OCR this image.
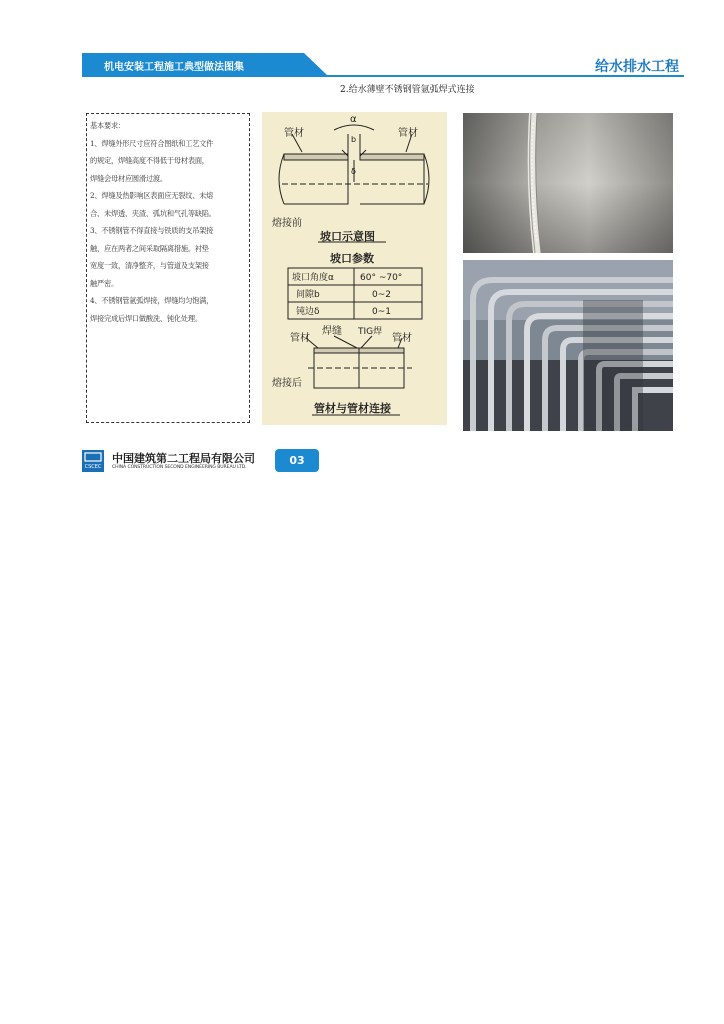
机电安装工程施工典型做法图集	给水排水工程
2.给水薄壁不锈钢管氩弧焊式连接

基本要求：

1、焊缝外形尺寸应符合图纸和工艺文件

的规定，焊缝高度不得低于母材表面，

焊缝会母材应圆滑过渡。

2、焊缝及热影响区表面应无裂纹、未熔

合、未焊透、夹渣、弧坑和气孔等缺陷。

3、不锈钢管不得直接与铁质的支吊架接

触，应在两者之间采取隔离措施。衬垫

宽度一致，清净整齐，与管道及支架接

触严密。

4、不锈钢管氩弧焊接，焊缝均匀饱满，

焊接完成后焊口做酸洗、钝化处理。

管材	管材
α
b
δ
熔接前
坡口示意图
坡口参数
坡口角度α	60° ~70°
间隙b	0~2
钝边δ	0~1
管材
焊缝 TIG焊
管材
熔接后
管材与管材连接
CSCEC
中国建筑第二工程局有限公司
CHINA CONSTRUCTION SECOND ENGINEERING BUREAU LTD.
03
